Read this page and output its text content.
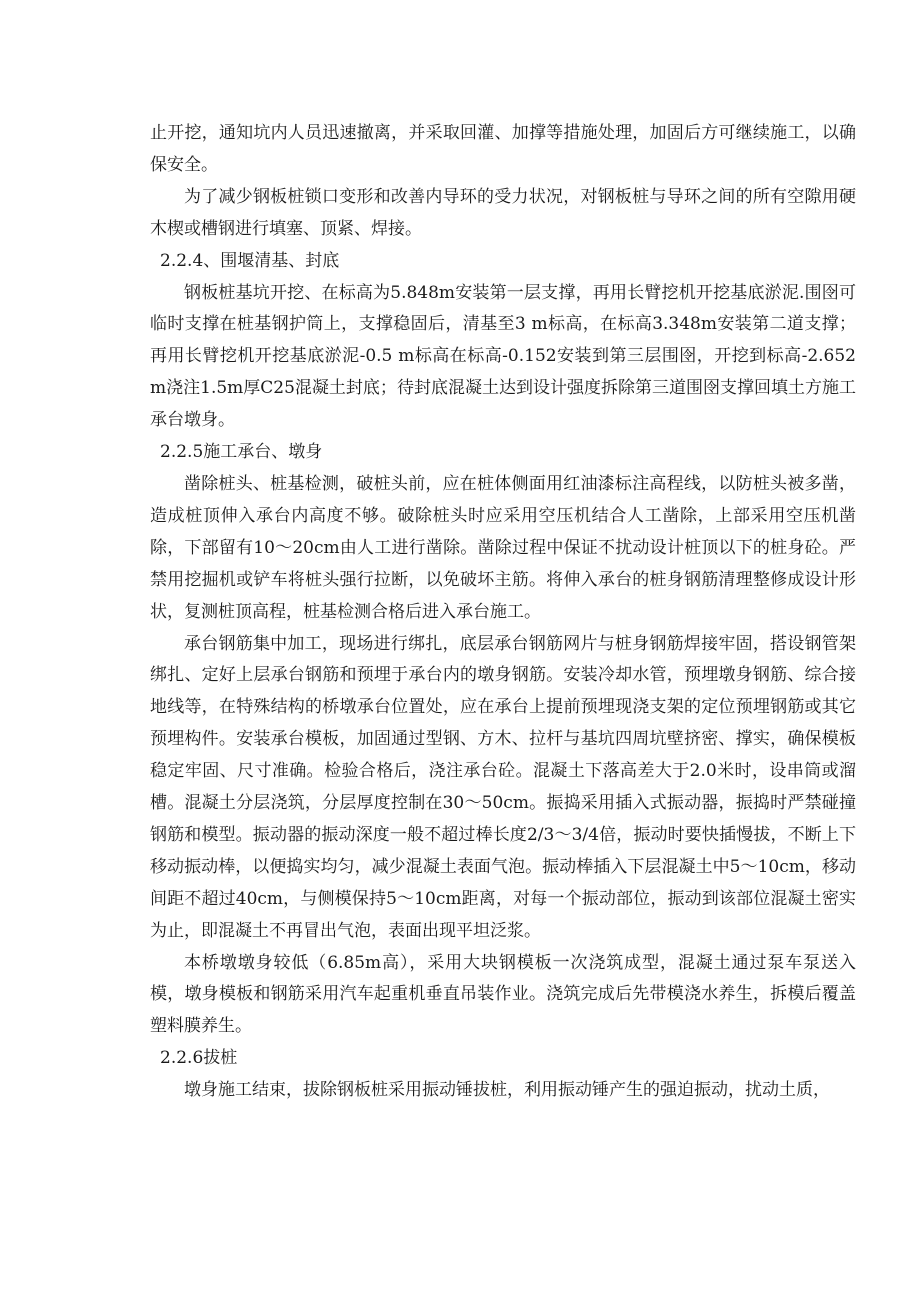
止开挖，通知坑内人员迅速撤离，并采取回灌、加撑等措施处理，加固后方可继续施工，以确保安全。

为了减少钢板桩锁口变形和改善内导环的受力状况，对钢板桩与导环之间的所有空隙用硬木楔或槽钢进行填塞、顶紧、焊接。

2.2.4、围堰清基、封底

钢板桩基坑开挖、在标高为5.848m安装第一层支撑，再用长臂挖机开挖基底淤泥.围囹可临时支撑在桩基钢护筒上，支撑稳固后，清基至3 m标高，在标高3.348m安装第二道支撑；再用长臂挖机开挖基底淤泥-0.5 m标高在标高-0.152安装到第三层围囹，开挖到标高-2.652m浇注1.5m厚C25混凝土封底；待封底混凝土达到设计强度拆除第三道围囹支撑回填土方施工承台墩身。

2.2.5施工承台、墩身

凿除桩头、桩基检测，破桩头前，应在桩体侧面用红油漆标注高程线，以防桩头被多凿，造成桩顶伸入承台内高度不够。破除桩头时应采用空压机结合人工凿除，上部采用空压机凿除，下部留有10～20cm由人工进行凿除。凿除过程中保证不扰动设计桩顶以下的桩身砼。严禁用挖掘机或铲车将桩头强行拉断，以免破坏主筋。将伸入承台的桩身钢筋清理整修成设计形状，复测桩顶高程，桩基检测合格后进入承台施工。

承台钢筋集中加工，现场进行绑扎，底层承台钢筋网片与桩身钢筋焊接牢固，搭设钢管架绑扎、定好上层承台钢筋和预埋于承台内的墩身钢筋。安装冷却水管，预埋墩身钢筋、综合接地线等，在特殊结构的桥墩承台位置处，应在承台上提前预埋现浇支架的定位预埋钢筋或其它预埋构件。安装承台模板，加固通过型钢、方木、拉杆与基坑四周坑壁挤密、撑实，确保模板稳定牢固、尺寸准确。检验合格后，浇注承台砼。混凝土下落高差大于2.0米时，设串筒或溜槽。混凝土分层浇筑，分层厚度控制在30～50cm。振捣采用插入式振动器，振捣时严禁碰撞钢筋和模型。振动器的振动深度一般不超过棒长度2/3～3/4倍，振动时要快插慢拔，不断上下移动振动棒，以便捣实均匀，减少混凝土表面气泡。振动棒插入下层混凝土中5～10cm，移动间距不超过40cm，与侧模保持5～10cm距离，对每一个振动部位，振动到该部位混凝土密实为止，即混凝土不再冒出气泡，表面出现平坦泛浆。

本桥墩墩身较低（6.85m高），采用大块钢模板一次浇筑成型，混凝土通过泵车泵送入模，墩身模板和钢筋采用汽车起重机垂直吊装作业。浇筑完成后先带模浇水养生，拆模后覆盖塑料膜养生。

2.2.6拔桩

墩身施工结束，拔除钢板桩采用振动锤拔桩，利用振动锤产生的强迫振动，扰动土质，
